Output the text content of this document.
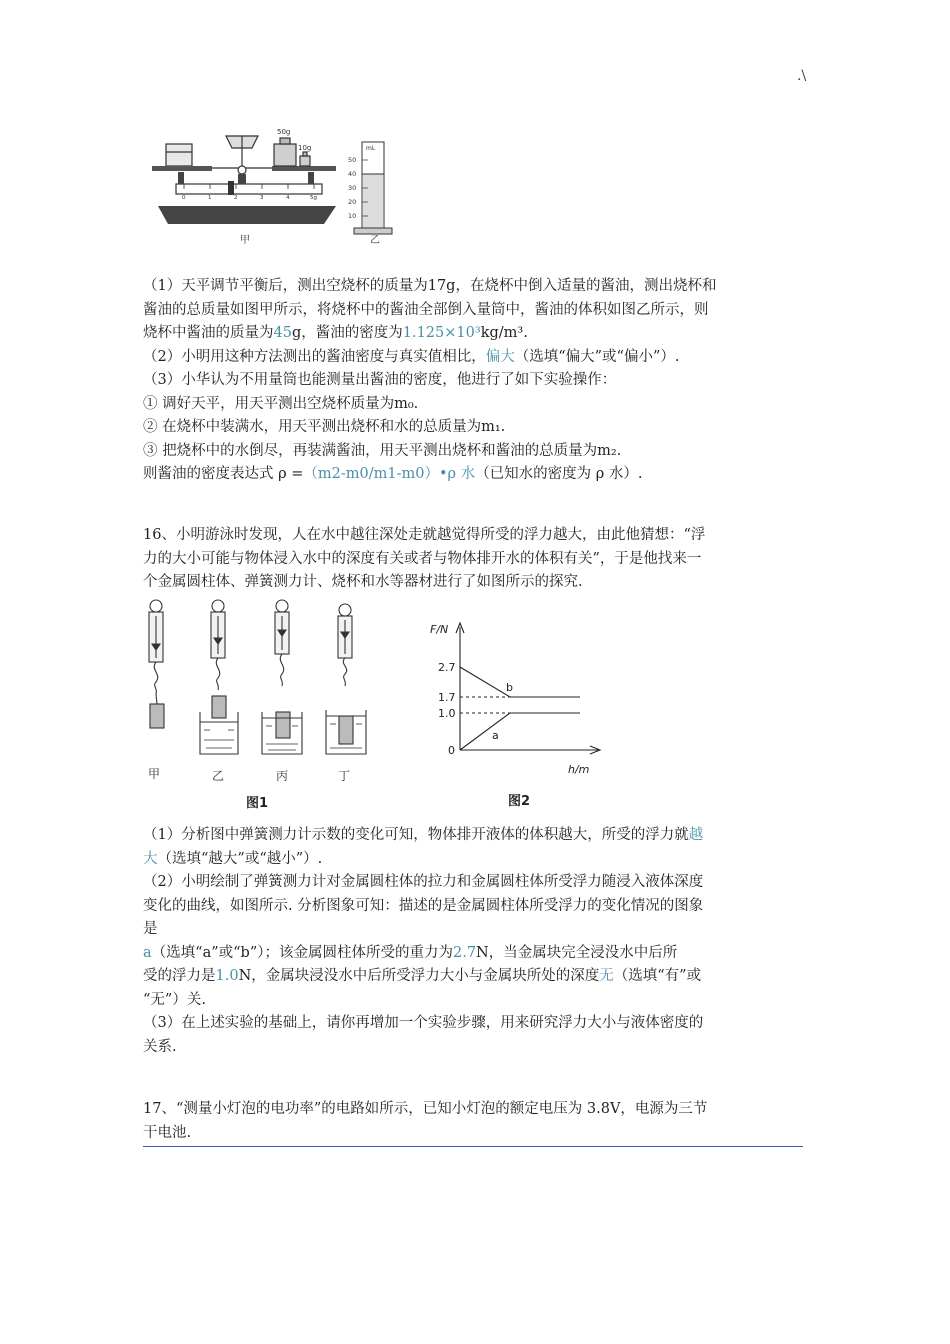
.\
50g
10g
0	1	2	3	4	5g
甲
mL
50
40
30
20
10
乙
（1）天平调节平衡后，测出空烧杯的质量为17g，在烧杯中倒入适量的酱油，测出烧杯和
酱油的总质量如图甲所示，将烧杯中的酱油全部倒入量筒中，酱油的体积如图乙所示，则
烧杯中酱油的质量为45g，酱油的密度为1.125×10³kg/m³.
（2）小明用这种方法测出的酱油密度与真实值相比，偏大（选填“偏大”或“偏小”）.
（3）小华认为不用量筒也能测量出酱油的密度，他进行了如下实验操作：
① 调好天平，用天平测出空烧杯质量为m₀.
② 在烧杯中装满水，用天平测出烧杯和水的总质量为m₁.
③ 把烧杯中的水倒尽，再装满酱油，用天平测出烧杯和酱油的总质量为m₂.
则酱油的密度表达式 ρ =（m2-m0/m1-m0）•ρ 水（已知水的密度为 ρ 水）.
16、小明游泳时发现，人在水中越往深处走就越觉得所受的浮力越大，由此他猜想：“浮
力的大小可能与物体浸入水中的深度有关或者与物体排开水的体积有关”，于是他找来一
个金属圆柱体、弹簧测力计、烧杯和水等器材进行了如图所示的探究.
甲	乙	丙	丁
图1
F/N
h/m
2.7
1.7
1.0
0
b
a
图2
（1）分析图中弹簧测力计示数的变化可知，物体排开液体的体积越大，所受的浮力就越
大（选填“越大”或“越小”）.
（2）小明绘制了弹簧测力计对金属圆柱体的拉力和金属圆柱体所受浮力随浸入液体深度
变化的曲线，如图所示. 分析图象可知：描述的是金属圆柱体所受浮力的变化情况的图象
是
a（选填“a”或“b”）；该金属圆柱体所受的重力为2.7N，当金属块完全浸没水中后所
受的浮力是1.0N，金属块浸没水中后所受浮力大小与金属块所处的深度无（选填“有”或
“无”）关.
（3）在上述实验的基础上，请你再增加一个实验步骤，用来研究浮力大小与液体密度的
关系.
17、“测量小灯泡的电功率”的电路如所示，已知小灯泡的额定电压为 3.8V，电源为三节
干电池.
